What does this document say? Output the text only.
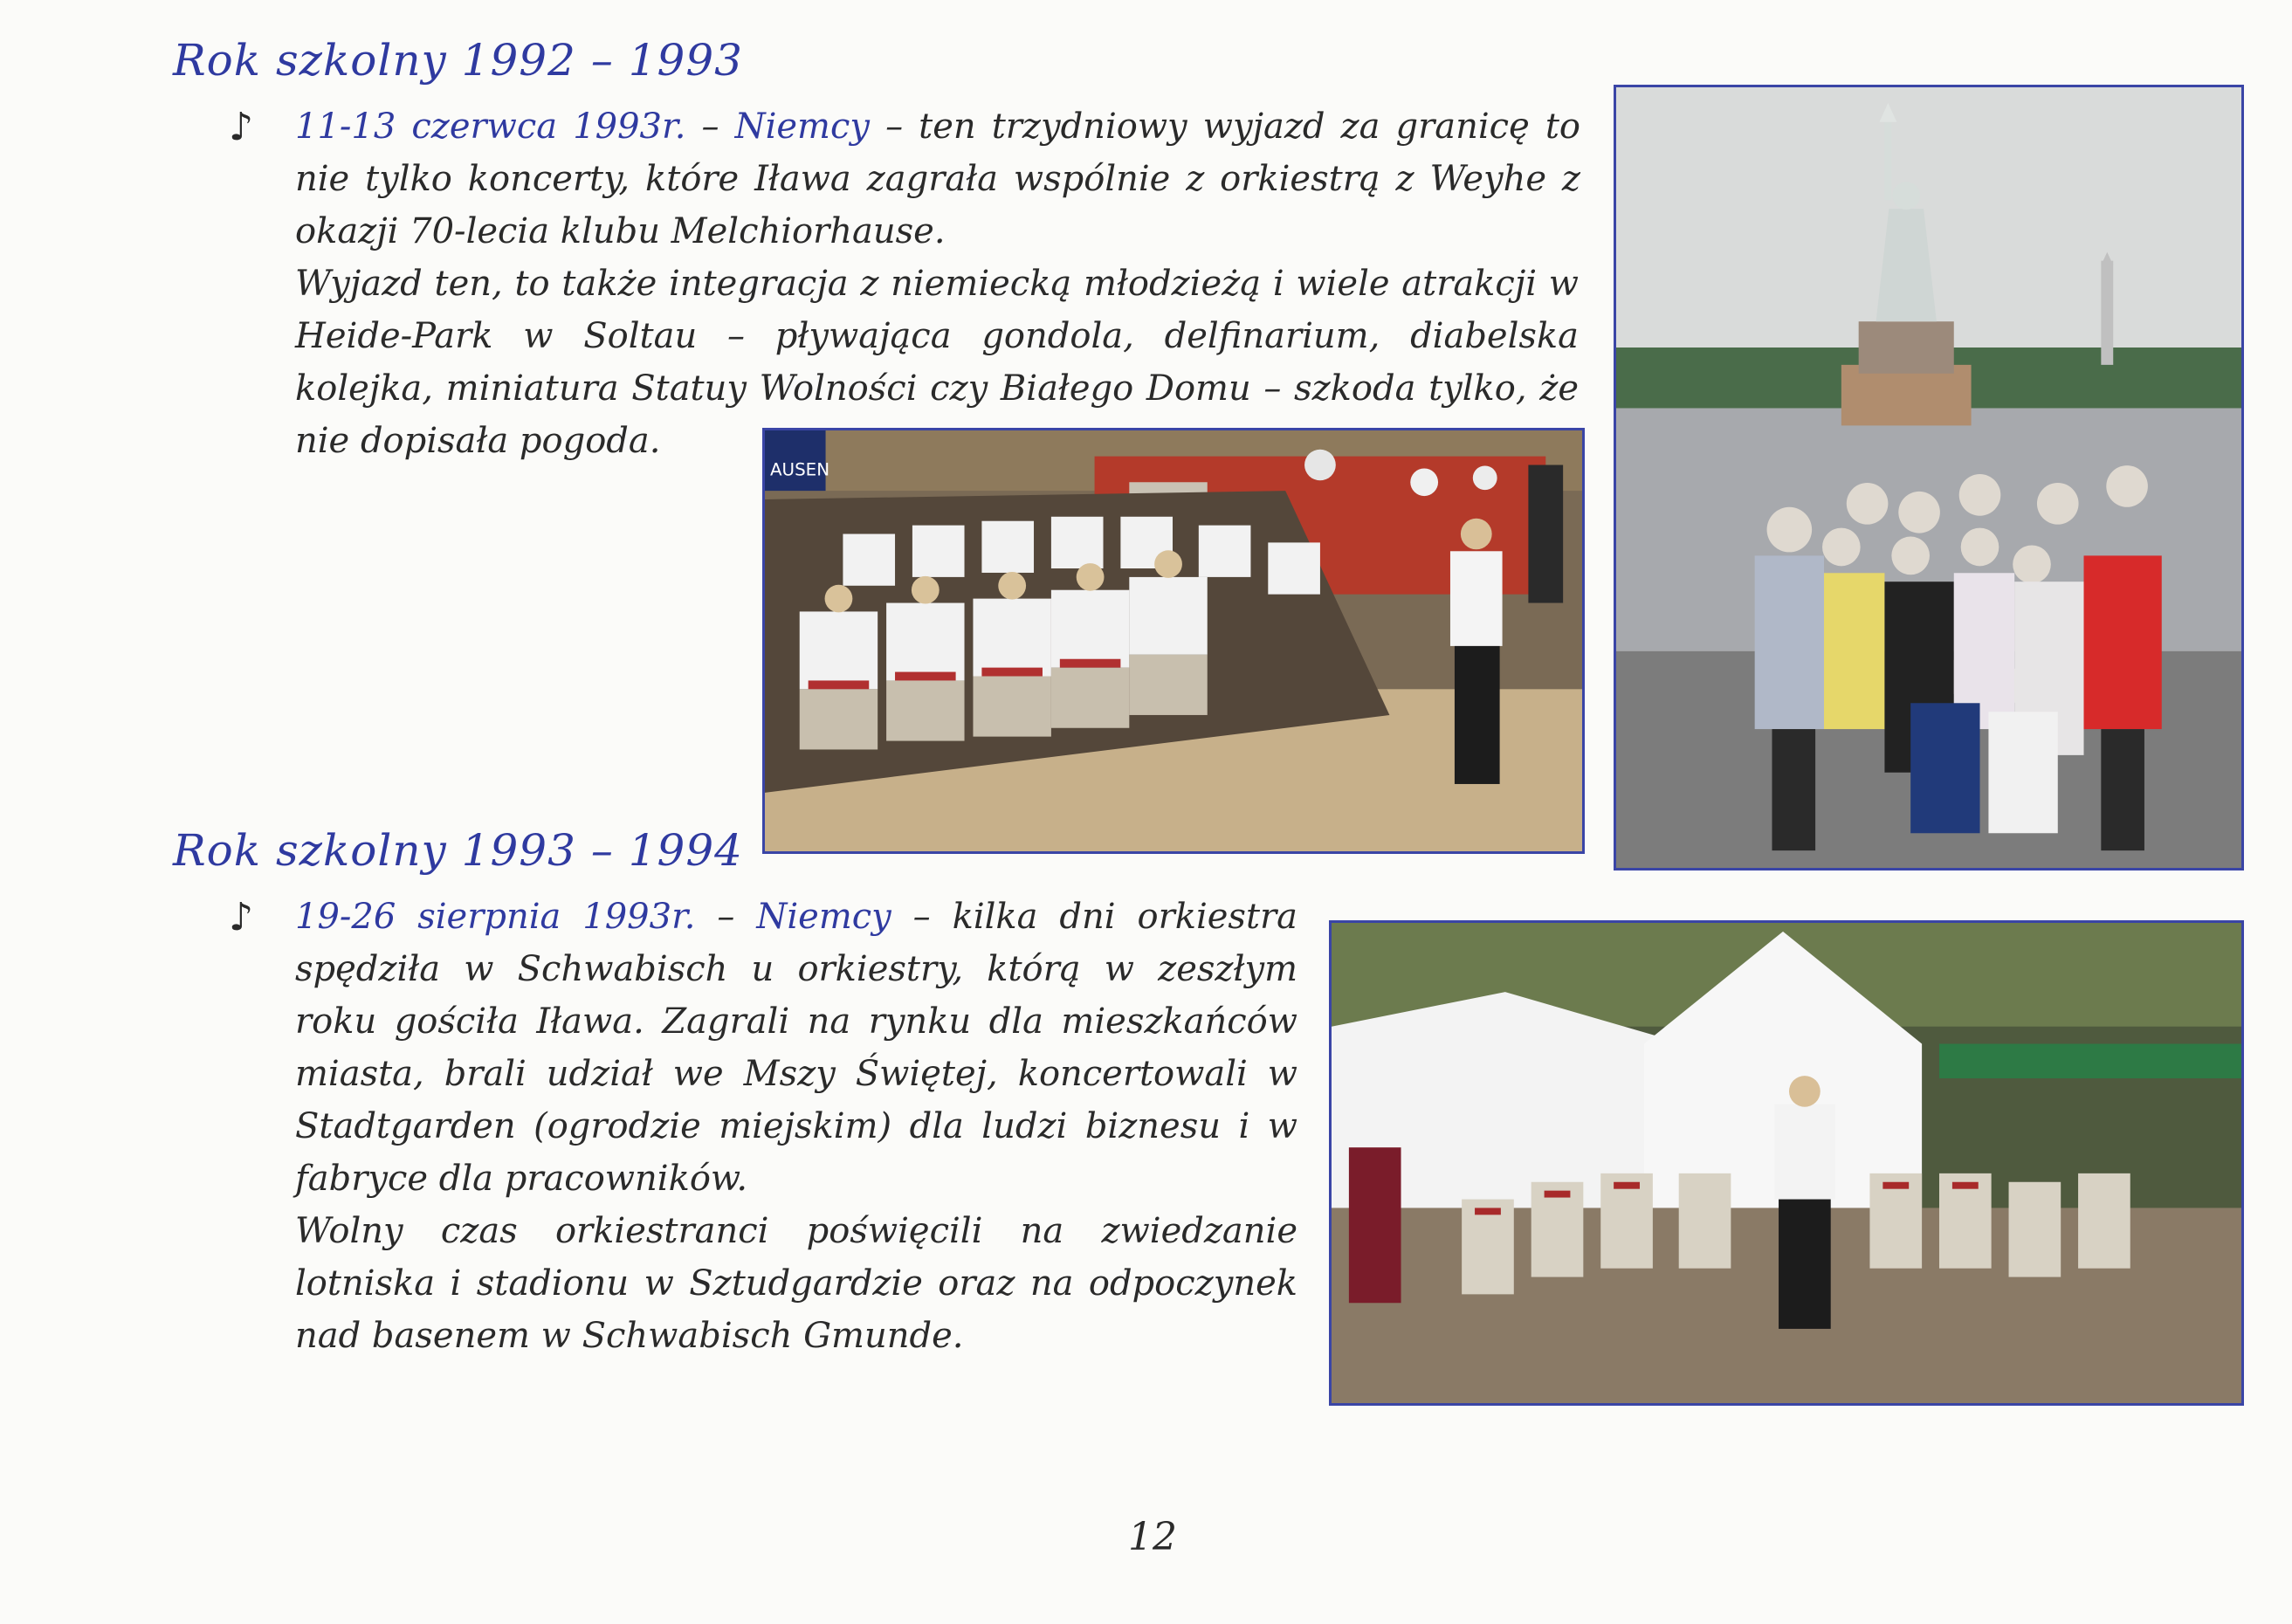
Rok szkolny 1992 – 1993
♪ 11-13 czerwca 1993r. – Niemcy – ten trzydniowy wyjazd za granicę to nie tylko koncerty, które Iława zagrała wspólnie z orkiestrą z Weyhe z okazji 70-lecia klubu Melchiorhause.

Wyjazd ten, to także integracja z niemiecką młodzieżą i wiele atrakcji w Heide-Park w Soltau – pływająca gondola, delfinarium, diabelska kolejka, miniatura Statuy Wolności czy Białego Domu – szkoda tylko, że nie dopisała pogoda.

Rok szkolny 1993 – 1994
♪ 19-26 sierpnia 1993r. – Niemcy – kilka dni orkiestra spędziła w Schwabisch u orkiestry, którą w zeszłym roku gościła Iława. Zagrali na rynku dla mieszkańców miasta, brali udział we Mszy Świętej, koncertowali w Stadtgarden (ogrodzie miejskim) dla ludzi biznesu i w fabryce dla pracowników.

Wolny czas orkiestranci poświęcili na zwiedzanie lotniska i stadionu w Sztudgardzie oraz na odpoczynek nad basenem w Schwabisch Gmunde.

AUSEN
12
